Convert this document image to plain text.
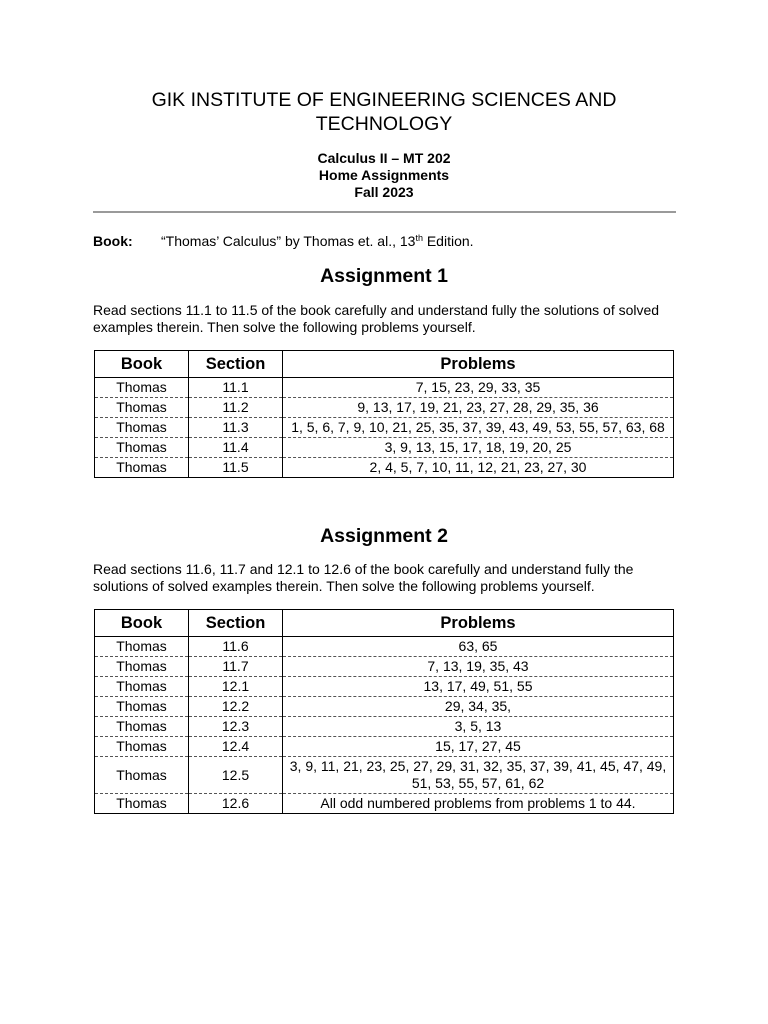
GIK INSTITUTE OF ENGINEERING SCIENCES AND TECHNOLOGY
Calculus II – MT 202
Home Assignments
Fall 2023
Book: “Thomas’ Calculus” by Thomas et. al., 13th Edition.
Assignment 1
Read sections 11.1 to 11.5 of the book carefully and understand fully the solutions of solved examples therein. Then solve the following problems yourself.
Book	Section	Problems
Thomas	11.1	7, 15, 23, 29, 33, 35
Thomas	11.2	9, 13, 17, 19, 21, 23, 27, 28, 29, 35, 36
Thomas	11.3	1, 5, 6, 7, 9, 10, 21, 25, 35, 37, 39, 43, 49, 53, 55, 57, 63, 68
Thomas	11.4	3, 9, 13, 15, 17, 18, 19, 20, 25
Thomas	11.5	2, 4, 5, 7, 10, 11, 12, 21, 23, 27, 30
Assignment 2
Read sections 11.6, 11.7 and 12.1 to 12.6 of the book carefully and understand fully the solutions of solved examples therein. Then solve the following problems yourself.
Book	Section	Problems
Thomas	11.6	63, 65
Thomas	11.7	7, 13, 19, 35, 43
Thomas	12.1	13, 17, 49, 51, 55
Thomas	12.2	29, 34, 35,
Thomas	12.3	3, 5, 13
Thomas	12.4	15, 17, 27, 45
Thomas	12.5	3, 9, 11, 21, 23, 25, 27, 29, 31, 32, 35, 37, 39, 41, 45, 47, 49, 51, 53, 55, 57, 61, 62
Thomas	12.6	All odd numbered problems from problems 1 to 44.
